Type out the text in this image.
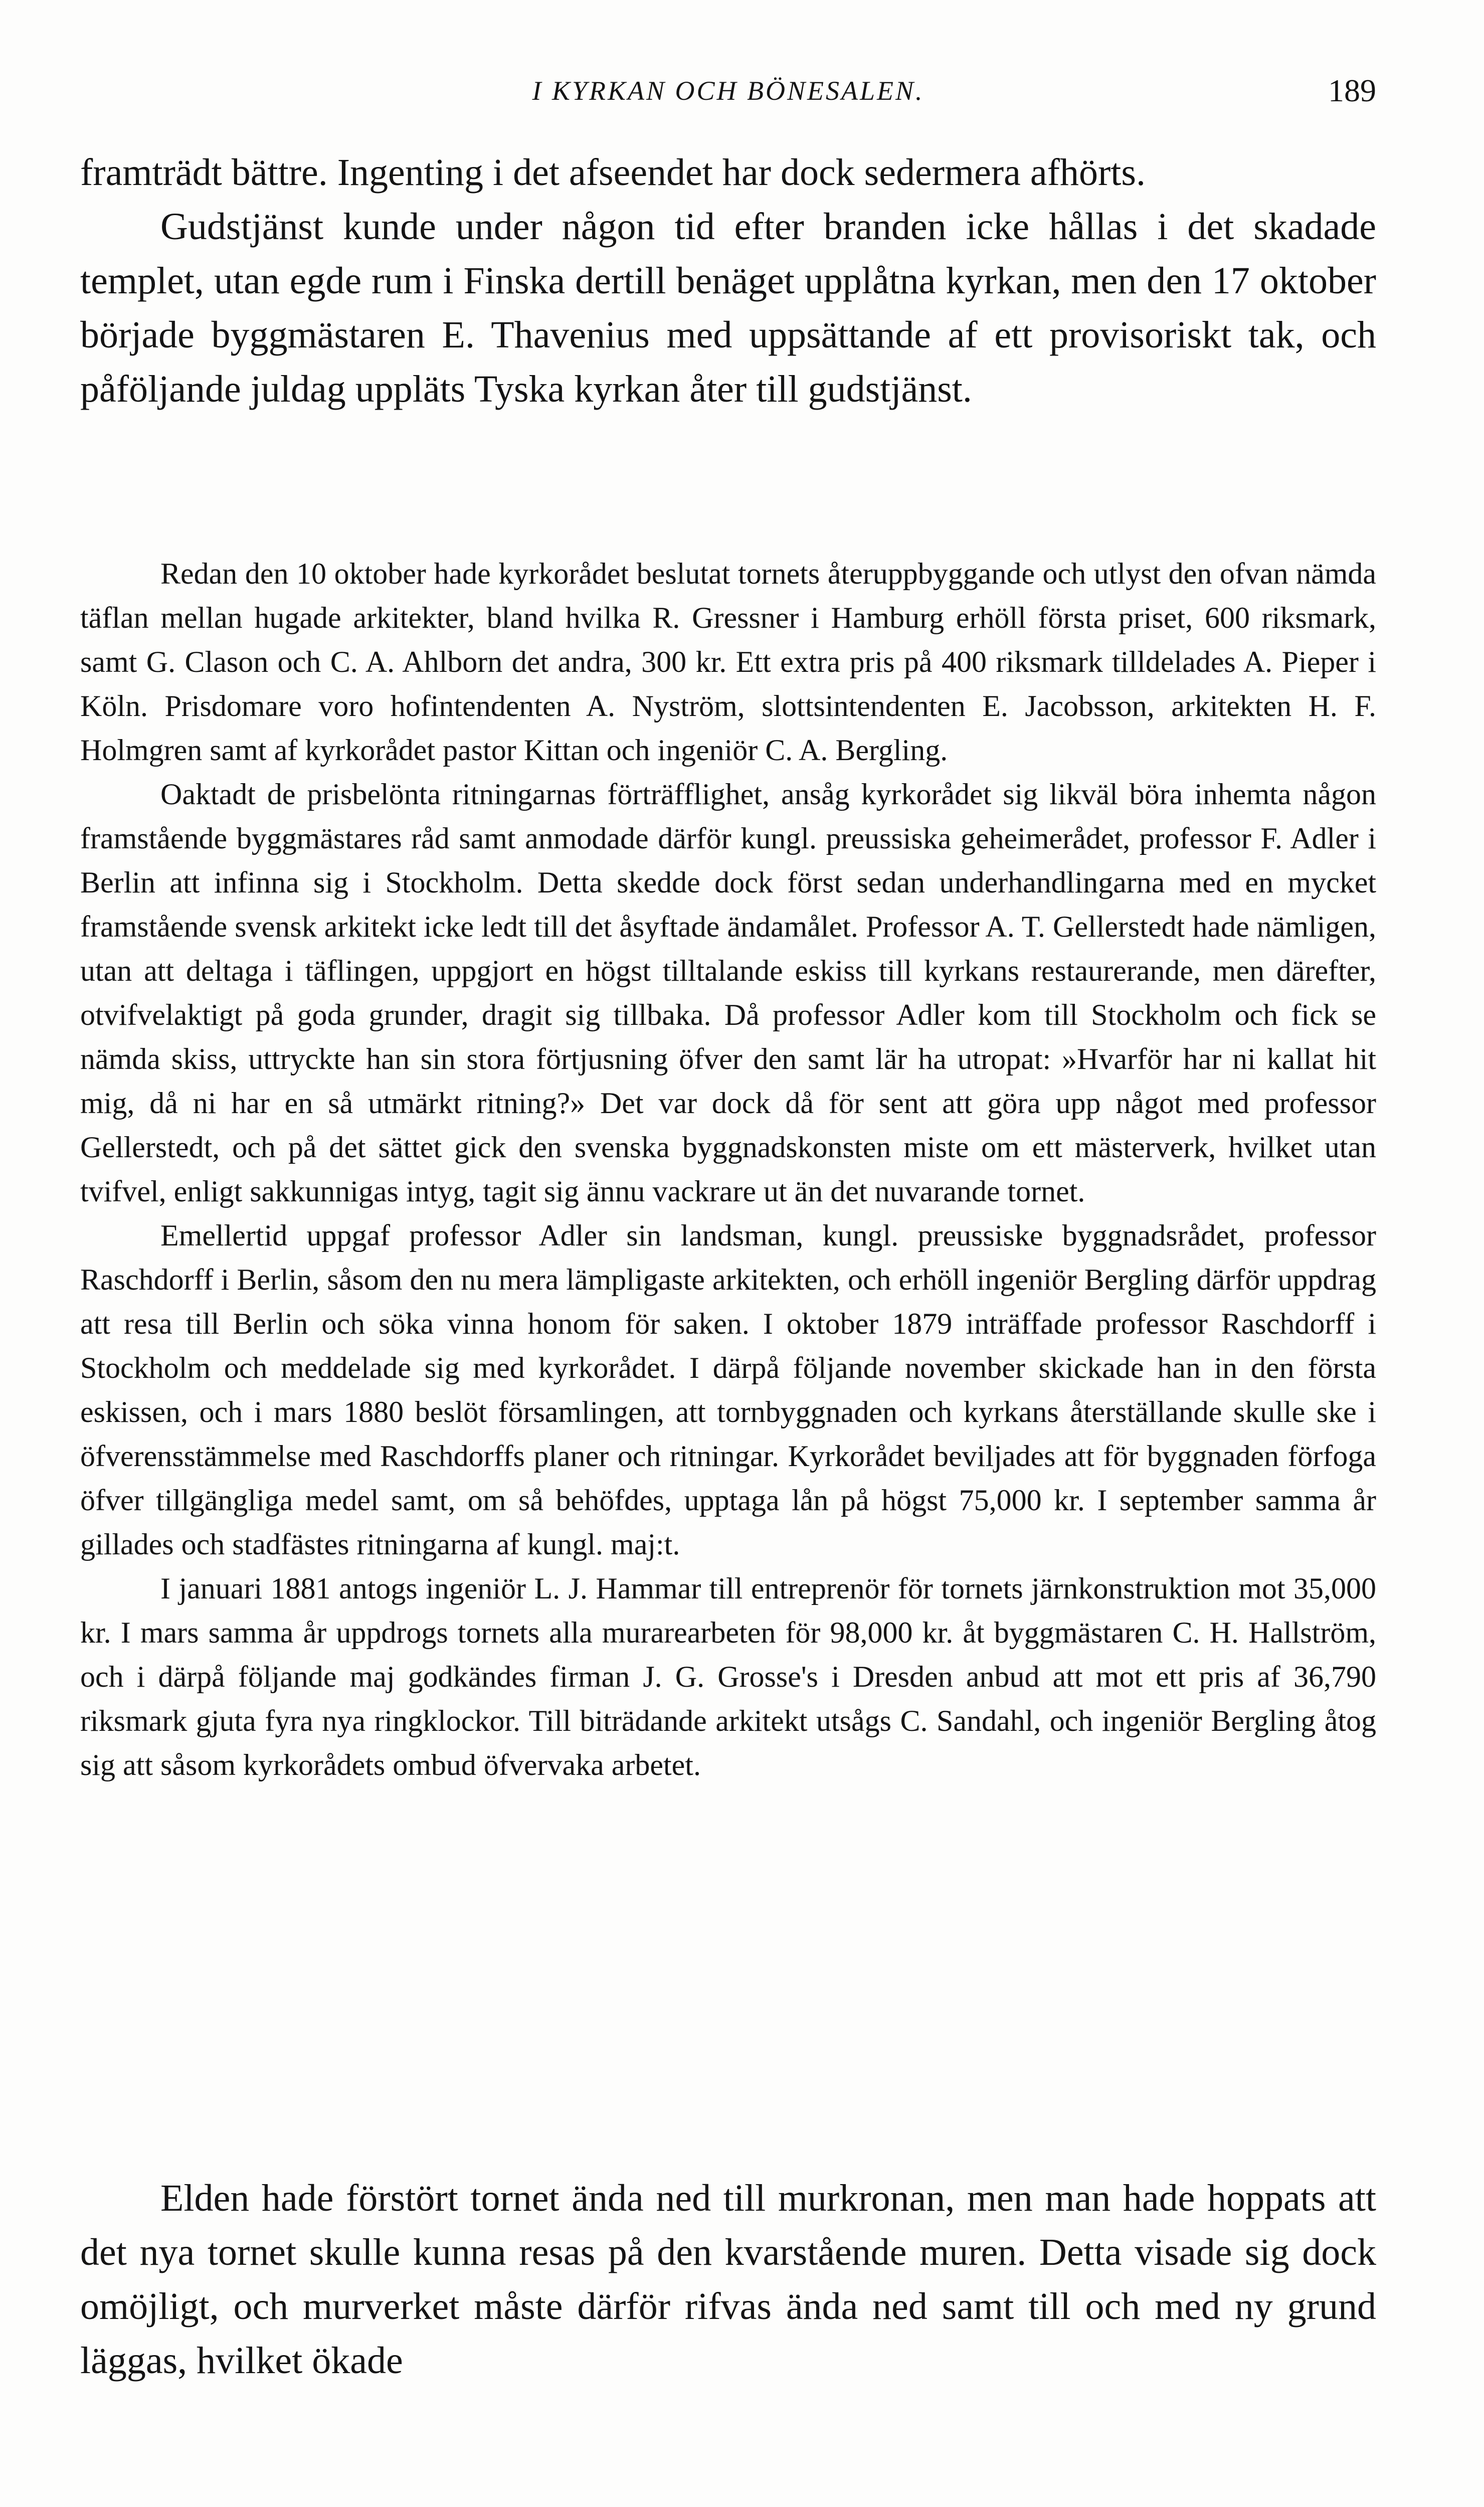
I KYRKAN OCH BÖNESALEN.	189

framträdt bättre. Ingenting i det afseendet har dock sedermera afhörts.

Gudstjänst kunde under någon tid efter branden icke hållas i det skadade templet, utan egde rum i Finska dertill benäget upplåtna kyrkan, men den 17 oktober började byggmästaren E. Thavenius med uppsättande af ett provisoriskt tak, och påföljande juldag uppläts Tyska kyrkan åter till gudstjänst.

Redan den 10 oktober hade kyrkorådet beslutat tornets återuppbyggande och utlyst den ofvan nämda täflan mellan hugade arkitekter, bland hvilka R. Gressner i Hamburg erhöll första priset, 600 riksmark, samt G. Clason och C. A. Ahlborn det andra, 300 kr. Ett extra pris på 400 riksmark tilldelades A. Pieper i Köln. Prisdomare voro hofintendenten A. Nyström, slottsintendenten E. Jacobsson, arkitekten H. F. Holmgren samt af kyrkorådet pastor Kittan och ingeniör C. A. Bergling.

Oaktadt de prisbelönta ritningarnas förträfflighet, ansåg kyrkorådet sig likväl böra inhemta någon framstående byggmästares råd samt anmodade därför kungl. preussiska geheimerådet, professor F. Adler i Berlin att infinna sig i Stockholm. Detta skedde dock först sedan underhandlingarna med en mycket framstående svensk arkitekt icke ledt till det åsyftade ändamålet. Professor A. T. Gellerstedt hade nämligen, utan att deltaga i täflingen, uppgjort en högst tilltalande eskiss till kyrkans restaurerande, men därefter, otvifvelaktigt på goda grunder, dragit sig tillbaka. Då professor Adler kom till Stockholm och fick se nämda skiss, uttryckte han sin stora förtjusning öfver den samt lär ha utropat: »Hvarför har ni kallat hit mig, då ni har en så utmärkt ritning?» Det var dock då för sent att göra upp något med professor Gellerstedt, och på det sättet gick den svenska byggnadskonsten miste om ett mästerverk, hvilket utan tvifvel, enligt sakkunnigas intyg, tagit sig ännu vackrare ut än det nuvarande tornet.

Emellertid uppgaf professor Adler sin landsman, kungl. preussiske byggnadsrådet, professor Raschdorff i Berlin, såsom den nu mera lämpligaste arkitekten, och erhöll ingeniör Bergling därför uppdrag att resa till Berlin och söka vinna honom för saken. I oktober 1879 inträffade professor Raschdorff i Stockholm och meddelade sig med kyrkorådet. I därpå följande november skickade han in den första eskissen, och i mars 1880 beslöt församlingen, att tornbyggnaden och kyrkans återställande skulle ske i öfverensstämmelse med Raschdorffs planer och ritningar. Kyrkorådet beviljades att för byggnaden förfoga öfver tillgängliga medel samt, om så behöfdes, upptaga lån på högst 75,000 kr. I september samma år gillades och stadfästes ritningarna af kungl. maj:t.

I januari 1881 antogs ingeniör L. J. Hammar till entreprenör för tornets järnkonstruktion mot 35,000 kr. I mars samma år uppdrogs tornets alla murarearbeten för 98,000 kr. åt byggmästaren C. H. Hallström, och i därpå följande maj godkändes firman J. G. Grosse's i Dresden anbud att mot ett pris af 36,790 riksmark gjuta fyra nya ringklockor. Till biträdande arkitekt utsågs C. Sandahl, och ingeniör Bergling åtog sig att såsom kyrkorådets ombud öfvervaka arbetet.

Elden hade förstört tornet ända ned till murkronan, men man hade hoppats att det nya tornet skulle kunna resas på den kvarstående muren. Detta visade sig dock omöjligt, och murverket måste därför rifvas ända ned samt till och med ny grund läggas, hvilket ökade
